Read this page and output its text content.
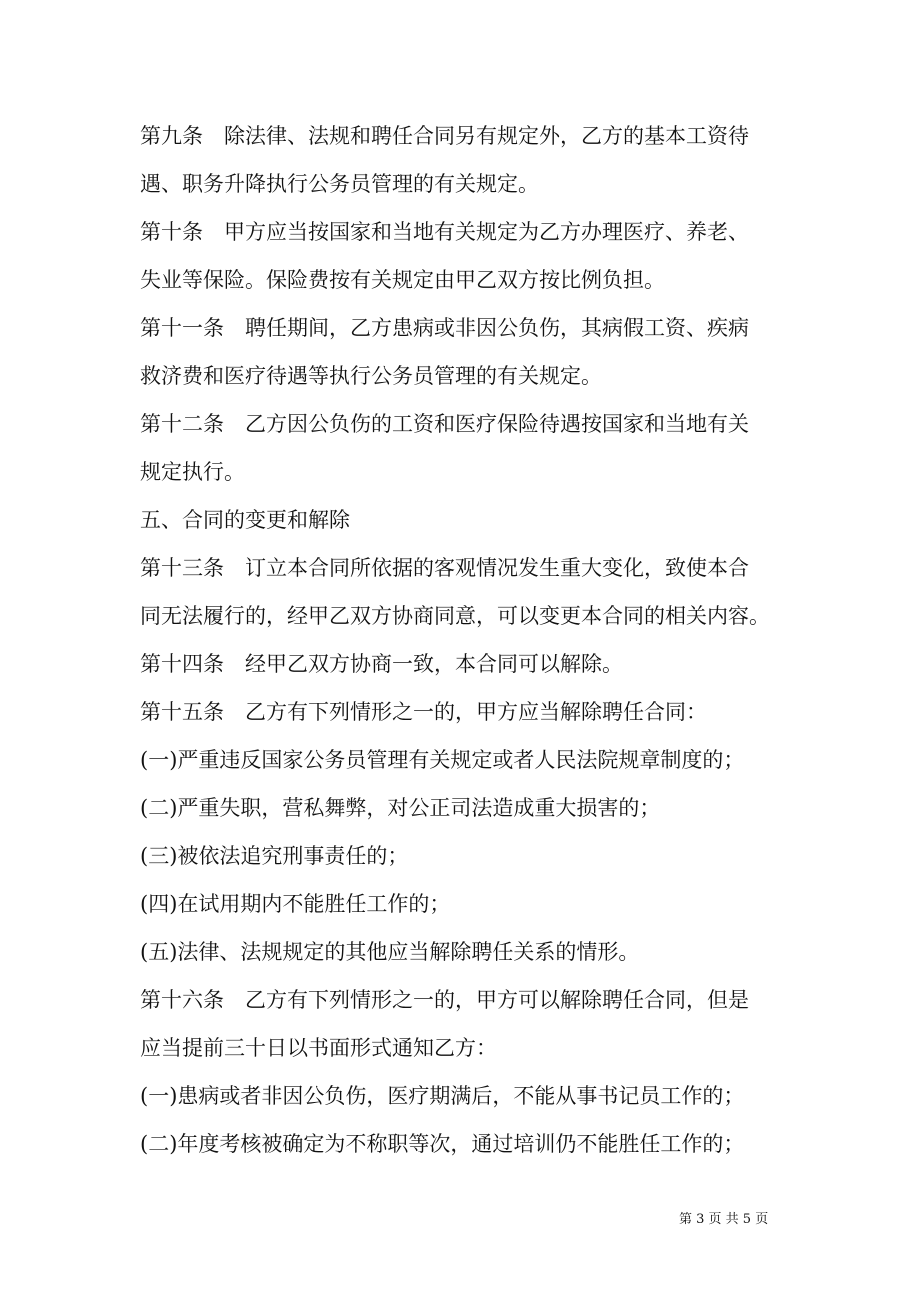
第九条　除法律、法规和聘任合同另有规定外，乙方的基本工资待

遇、职务升降执行公务员管理的有关规定。

第十条　甲方应当按国家和当地有关规定为乙方办理医疗、养老、

失业等保险。保险费按有关规定由甲乙双方按比例负担。

第十一条　聘任期间，乙方患病或非因公负伤，其病假工资、疾病

救济费和医疗待遇等执行公务员管理的有关规定。

第十二条　乙方因公负伤的工资和医疗保险待遇按国家和当地有关

规定执行。

五、合同的变更和解除

第十三条　订立本合同所依据的客观情况发生重大变化，致使本合

同无法履行的，经甲乙双方协商同意，可以变更本合同的相关内容。

第十四条　经甲乙双方协商一致，本合同可以解除。

第十五条　乙方有下列情形之一的，甲方应当解除聘任合同：

(一)严重违反国家公务员管理有关规定或者人民法院规章制度的；

(二)严重失职，营私舞弊，对公正司法造成重大损害的；

(三)被依法追究刑事责任的；

(四)在试用期内不能胜任工作的；

(五)法律、法规规定的其他应当解除聘任关系的情形。

第十六条　乙方有下列情形之一的，甲方可以解除聘任合同，但是

应当提前三十日以书面形式通知乙方：

(一)患病或者非因公负伤，医疗期满后，不能从事书记员工作的；

(二)年度考核被确定为不称职等次，通过培训仍不能胜任工作的；

第 3 页 共 5 页
